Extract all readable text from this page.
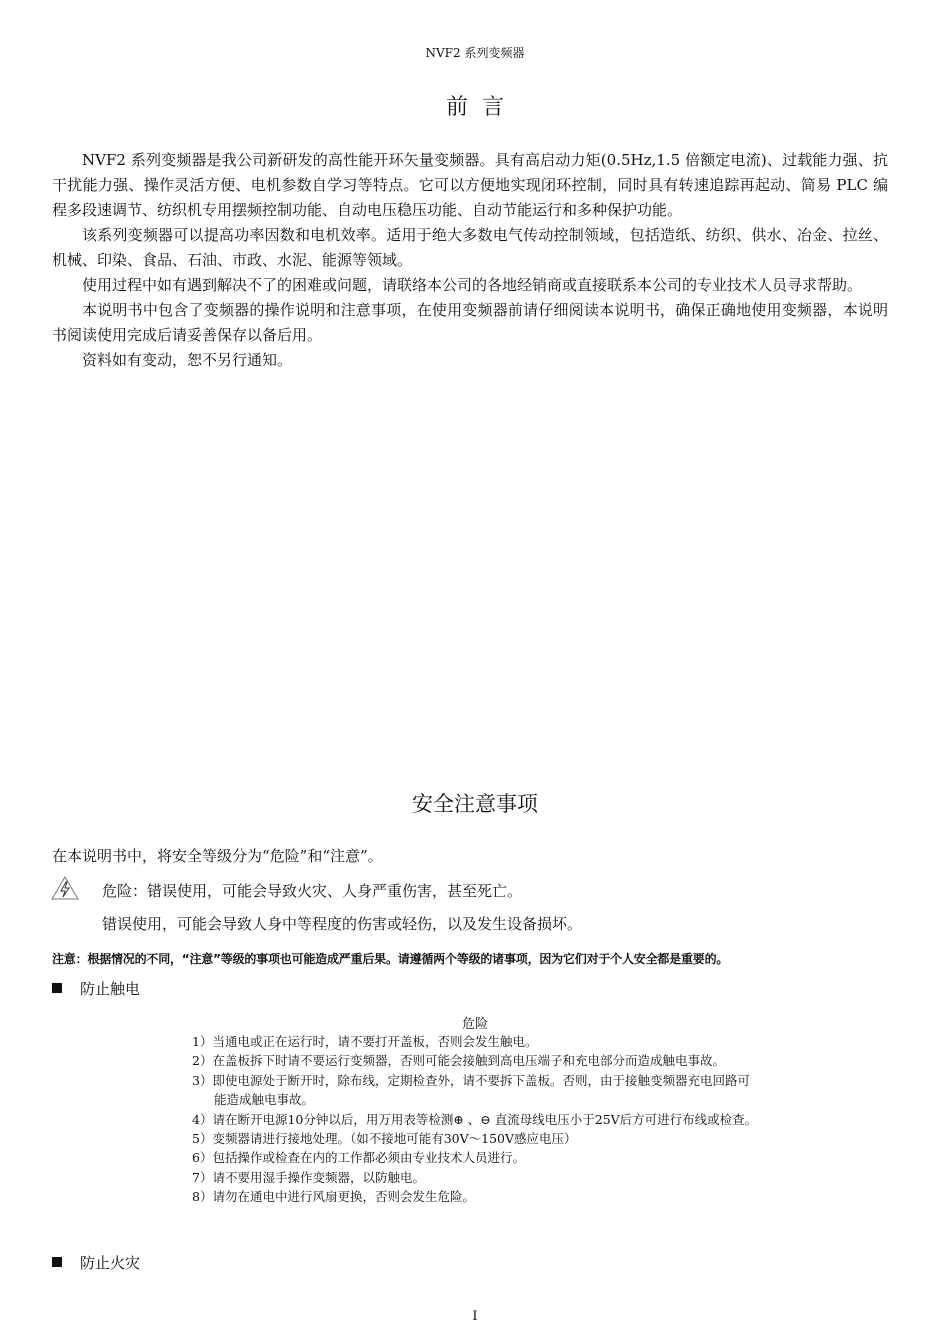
NVF2 系列变频器
前言

NVF2 系列变频器是我公司新研发的高性能开环矢量变频器。具有高启动力矩(0.5Hz,1.5 倍额定电流)、过载能力强、抗干扰能力强、操作灵活方便、电机参数自学习等特点。它可以方便地实现闭环控制，同时具有转速追踪再起动、简易 PLC 编程多段速调节、纺织机专用摆频控制功能、自动电压稳压功能、自动节能运行和多种保护功能。

该系列变频器可以提高功率因数和电机效率。适用于绝大多数电气传动控制领域，包括造纸、纺织、供水、冶金、拉丝、机械、印染、食品、石油、市政、水泥、能源等领域。

使用过程中如有遇到解决不了的困难或问题，请联络本公司的各地经销商或直接联系本公司的专业技术人员寻求帮助。

本说明书中包含了变频器的操作说明和注意事项，在使用变频器前请仔细阅读本说明书，确保正确地使用变频器，本说明书阅读使用完成后请妥善保存以备后用。

资料如有变动，恕不另行通知。

安全注意事项
在本说明书中，将安全等级分为“危险”和“注意”。
危险：错误使用，可能会导致火灾、人身严重伤害，甚至死亡。
错误使用，可能会导致人身中等程度的伤害或轻伤，以及发生设备损坏。
注意：根据情况的不同，“注意”等级的事项也可能造成严重后果。请遵循两个等级的诸事项，因为它们对于个人安全都是重要的。
防止触电
危险
1）当通电或正在运行时，请不要打开盖板，否则会发生触电。
2）在盖板拆下时请不要运行变频器，否则可能会接触到高电压端子和充电部分而造成触电事故。
3）即使电源处于断开时，除布线，定期检查外，请不要拆下盖板。否则，由于接触变频器充电回路可能造成触电事故。
4）请在断开电源10分钟以后，用万用表等检测⊕ 、⊖ 直流母线电压小于25V后方可进行布线或检查。
5）变频器请进行接地处理。（如不接地可能有30V～150V感应电压）
6）包括操作或检查在内的工作都必须由专业技术人员进行。
7）请不要用湿手操作变频器，以防触电。
8）请勿在通电中进行风扇更换，否则会发生危险。
防止火灾
I
